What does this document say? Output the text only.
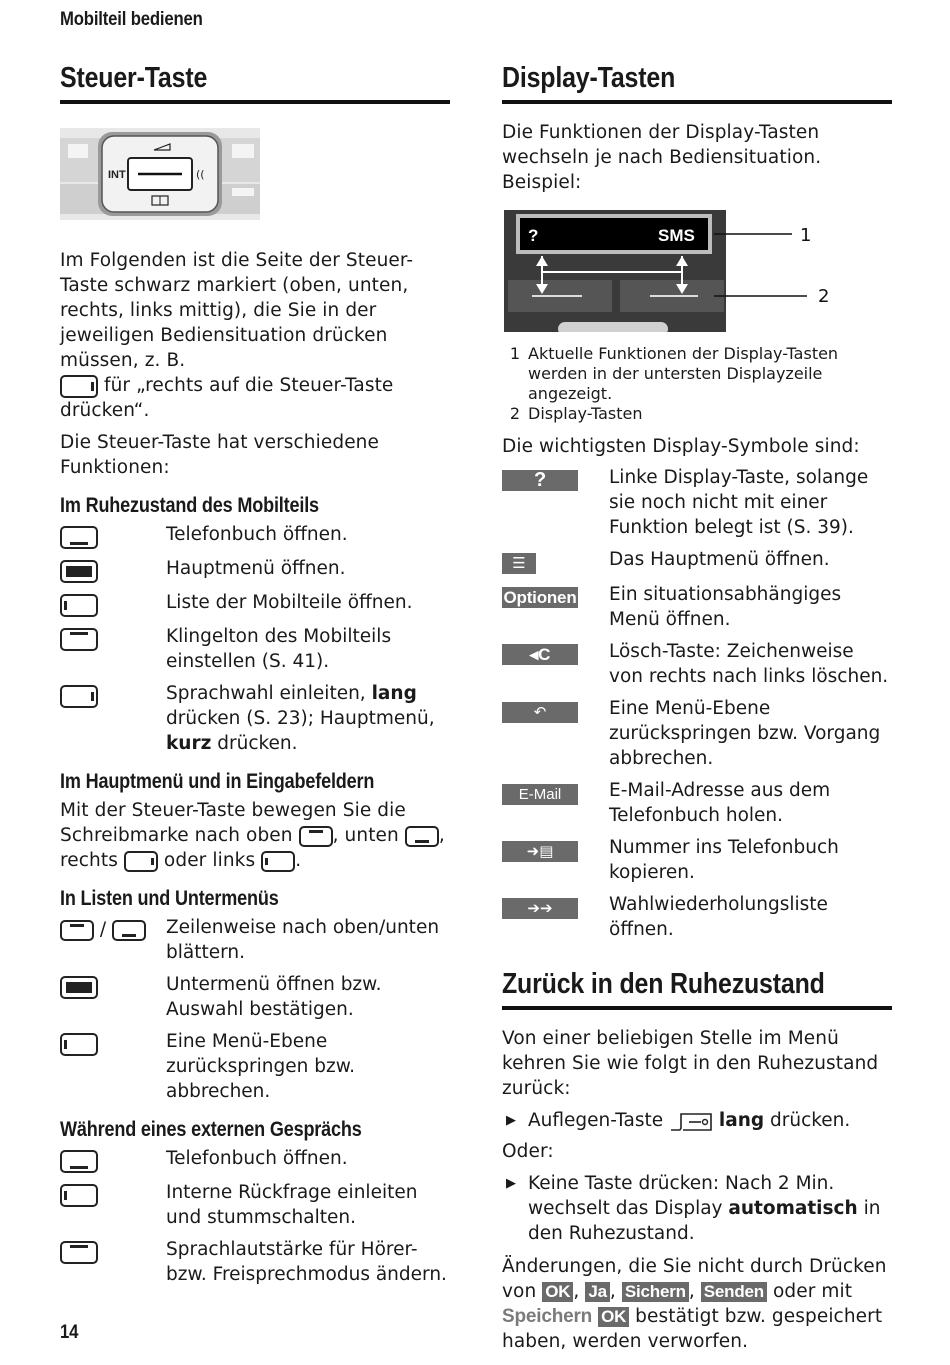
Mobilteil bedienen
Steuer-Taste
INT	((

Im Folgenden ist die Seite der Steuer-Taste schwarz markiert (oben, unten, rechts, links mittig), die Sie in der jeweiligen Bediensituation drücken müssen, z. B.
für „rechts auf die Steuer-Taste drücken“.

Die Steuer-Taste hat verschiedene Funktionen:

Im Ruhezustand des Mobilteils
Telefonbuch öffnen.
Hauptmenü öffnen.
Liste der Mobilteile öffnen.
Klingelton des Mobilteils einstellen (S. 41).
Sprachwahl einleiten, lang drücken (S. 23); Hauptmenü, kurz drücken.
Im Hauptmenü und in Eingabefeldern

Mit der Steuer-Taste bewegen Sie die Schreibmarke nach oben , unten , rechts  oder links .

In Listen und Untermenüs
/	Zeilenweise nach oben/unten blättern.
Untermenü öffnen bzw. Auswahl bestätigen.
Eine Menü-Ebene zurückspringen bzw. abbrechen.
Während eines externen Gesprächs
Telefonbuch öffnen.
Interne Rückfrage einleiten und stummschalten.
Sprachlautstärke für Hörer- bzw. Freisprechmodus ändern.
Display-Tasten

Die Funktionen der Display-Tasten wechseln je nach Bediensituation. Beispiel:

?	SMS	1
2
1 Aktuelle Funktionen der Display-Tasten werden in der untersten Displayzeile angezeigt.
2 Display-Tasten

Die wichtigsten Display-Symbole sind:

?	Linke Display-Taste, solange sie noch nicht mit einer Funktion belegt ist (S. 39).
☰	Das Hauptmenü öffnen.
Optionen	Ein situationsabhängiges Menü öffnen.
◂C	Lösch-Taste: Zeichenweise von rechts nach links löschen.
↶	Eine Menü-Ebene zurückspringen bzw. Vorgang abbrechen.
E-Mail	E-Mail-Adresse aus dem Telefonbuch holen.
➜▤	Nummer ins Telefonbuch kopieren.
➔➔	Wahlwiederholungsliste öffnen.
Zurück in den Ruhezustand

Von einer beliebigen Stelle im Menü kehren Sie wie folgt in den Ruhezustand zurück:

▶ Auflegen-Taste	lang drücken.

Oder:

▶ Keine Taste drücken: Nach 2 Min. wechselt das Display automatisch in den Ruhezustand.

Änderungen, die Sie nicht durch Drücken von OK , Ja , Sichern , Senden oder mit Speichern OK bestätigt bzw. gespeichert haben, werden verworfen.

14
